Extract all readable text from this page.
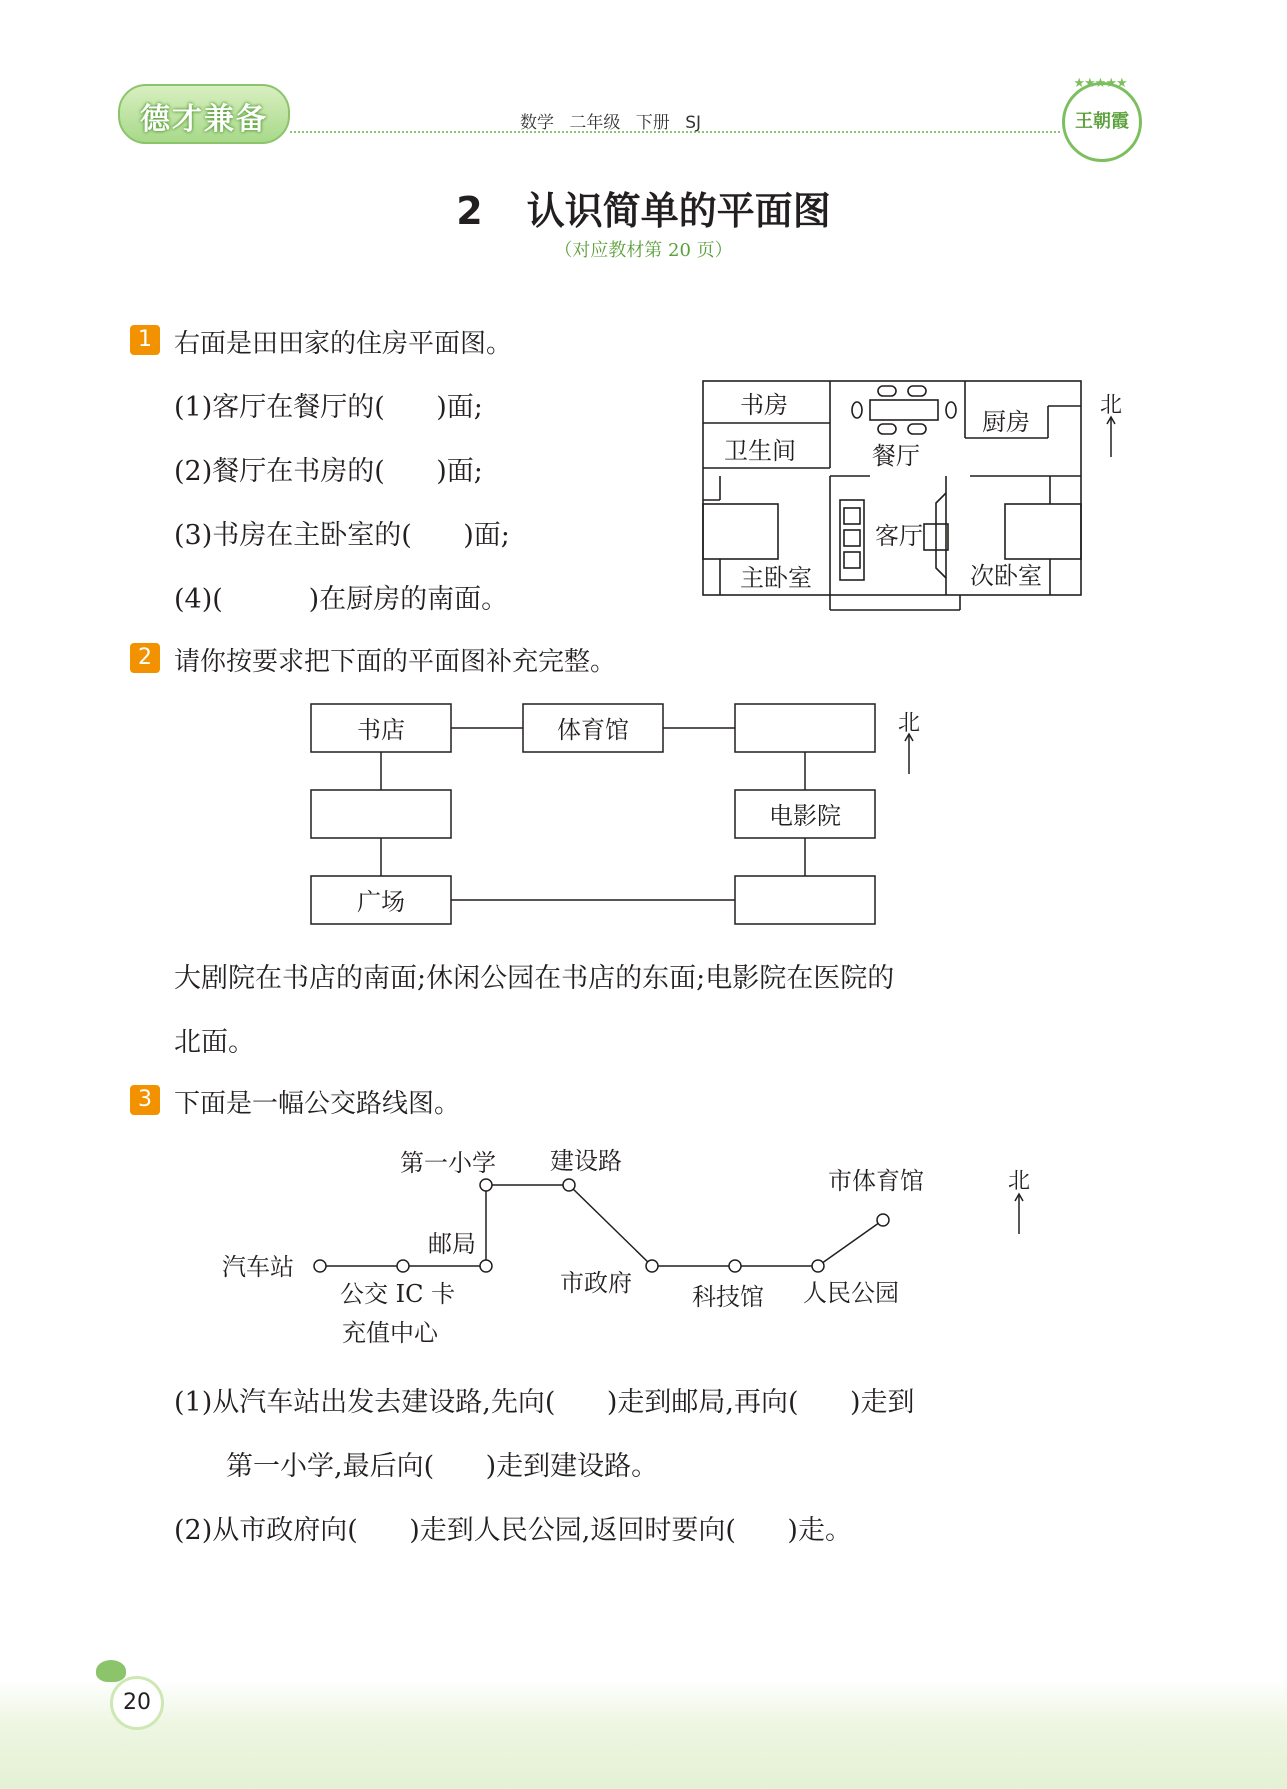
德才兼备	数学 二年级 下册 SJ
★★★★★
王朝霞
2 认识简单的平面图
（对应教材第 20 页）
1 右面是田田家的住房平面图。
(1)客厅在餐厅的(      )面;
(2)餐厅在书房的(      )面;
(3)书房在主卧室的(      )面;
(4)(          )在厨房的南面。
书房
卫生间	餐厅
厨房
客厅
主卧室	次卧室
北
2 请你按要求把下面的平面图补充完整。
书店	体育馆
电影院
广场
北
大剧院在书店的南面;休闲公园在书店的东面;电影院在医院的
北面。
3 下面是一幅公交路线图。
汽车站
公交 IC 卡
充值中心
邮局
第一小学 建设路
市政府	科技馆 人民公园
市体育馆	北
(1)从汽车站出发去建设路,先向(      )走到邮局,再向(      )走到
第一小学,最后向(      )走到建设路。
(2)从市政府向(      )走到人民公园,返回时要向(      )走。
20
